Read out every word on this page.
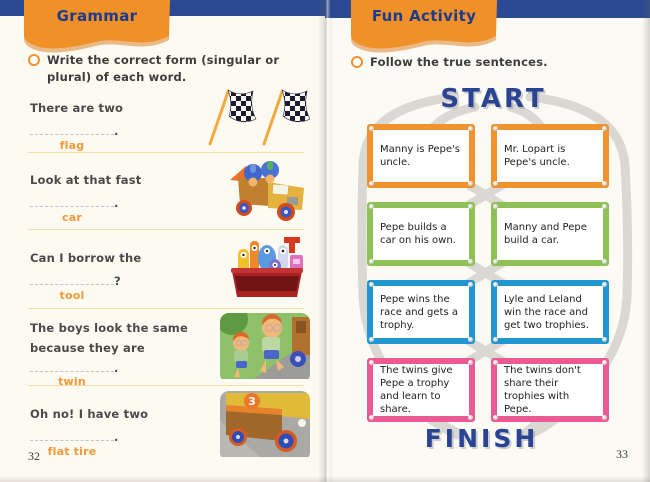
Grammar
Write the correct form (singular or plural) of each word.
There are two
flag
.
Look at that fast
car
.
Can I borrow the
tool
?
The boys look the same because they are
twin
.
Oh no! I have two
flat tire
.
3
32
Fun Activity
Follow the true sentences.
START
Manny is Pepe's uncle.
Mr. Lopart is Pepe's uncle.
Pepe builds a car on his own.
Manny and Pepe build a car.
Pepe wins the race and gets a trophy.
Lyle and Leland win the race and get two trophies.
The twins give Pepe a trophy and learn to share.
The twins don't share their trophies with Pepe.
FINISH
33
